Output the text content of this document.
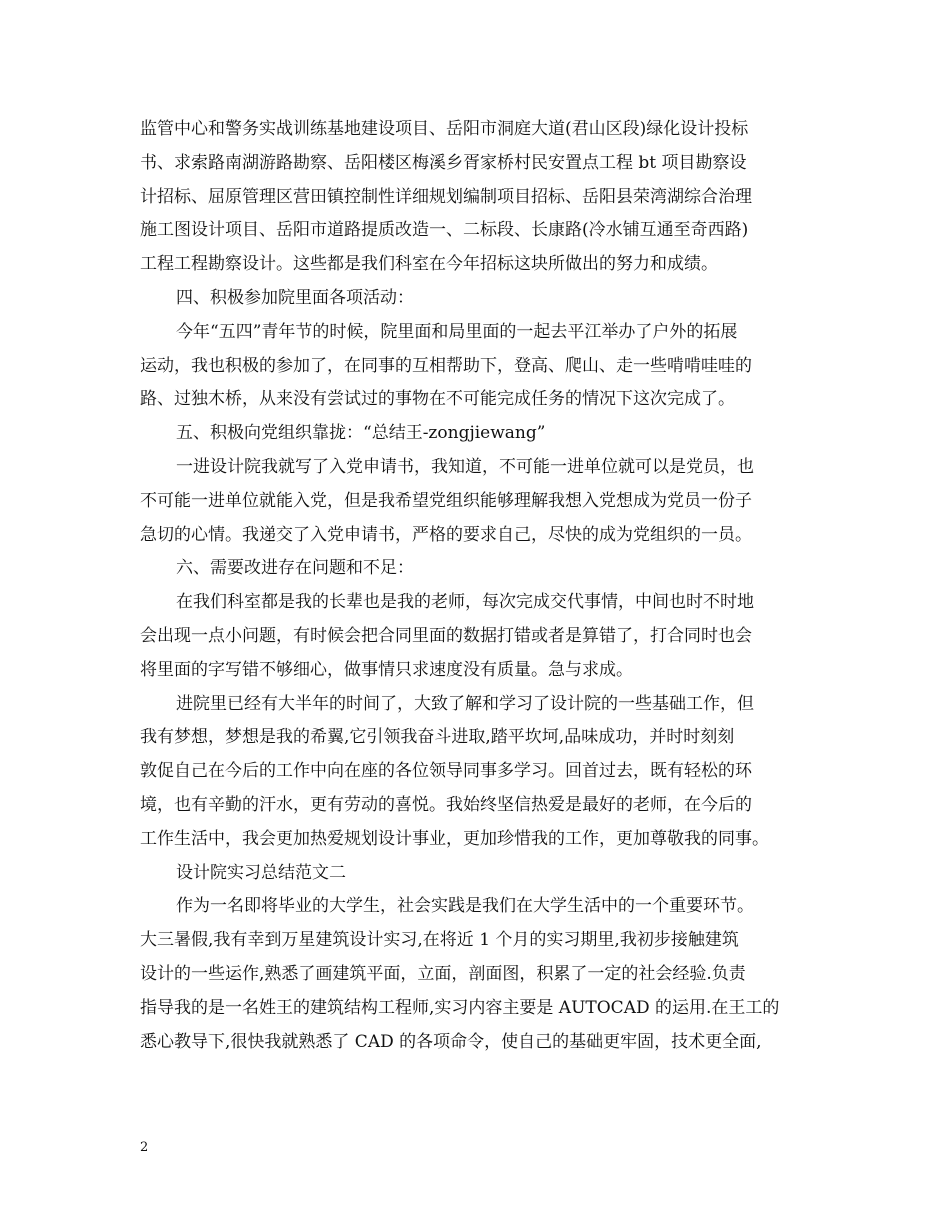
监管中心和警务实战训练基地建设项目、岳阳市洞庭大道(君山区段)绿化设计投标
书、求索路南湖游路勘察、岳阳楼区梅溪乡胥家桥村民安置点工程 bt 项目勘察设
计招标、屈原管理区营田镇控制性详细规划编制项目招标、岳阳县荣湾湖综合治理
施工图设计项目、岳阳市道路提质改造一、二标段、长康路(冷水铺互通至奇西路)
工程工程勘察设计。这些都是我们科室在今年招标这块所做出的努力和成绩。
四、积极参加院里面各项活动：
今年“五四”青年节的时候，院里面和局里面的一起去平江举办了户外的拓展
运动，我也积极的参加了，在同事的互相帮助下，登高、爬山、走一些啃啃哇哇的
路、过独木桥，从来没有尝试过的事物在不可能完成任务的情况下这次完成了。
五、积极向党组织靠拢：“总结王-zongjiewang”
一进设计院我就写了入党申请书，我知道，不可能一进单位就可以是党员，也
不可能一进单位就能入党，但是我希望党组织能够理解我想入党想成为党员一份子
急切的心情。我递交了入党申请书，严格的要求自己，尽快的成为党组织的一员。
六、需要改进存在问题和不足：
在我们科室都是我的长辈也是我的老师，每次完成交代事情，中间也时不时地
会出现一点小问题，有时候会把合同里面的数据打错或者是算错了，打合同时也会
将里面的字写错不够细心，做事情只求速度没有质量。急与求成。
进院里已经有大半年的时间了，大致了解和学习了设计院的一些基础工作，但
我有梦想，梦想是我的希翼,它引领我奋斗进取,踏平坎坷,品味成功，并时时刻刻
敦促自己在今后的工作中向在座的各位领导同事多学习。回首过去，既有轻松的环
境，也有辛勤的汗水，更有劳动的喜悦。我始终坚信热爱是最好的老师，在今后的
工作生活中，我会更加热爱规划设计事业，更加珍惜我的工作，更加尊敬我的同事。
设计院实习总结范文二
作为一名即将毕业的大学生，社会实践是我们在大学生活中的一个重要环节。
大三暑假,我有幸到万星建筑设计实习,在将近 1 个月的实习期里,我初步接触建筑
设计的一些运作,熟悉了画建筑平面，立面，剖面图，积累了一定的社会经验.负责
指导我的是一名姓王的建筑结构工程师,实习内容主要是 AUTOCAD 的运用.在王工的
悉心教导下,很快我就熟悉了 CAD 的各项命令，使自己的基础更牢固，技术更全面,
2
